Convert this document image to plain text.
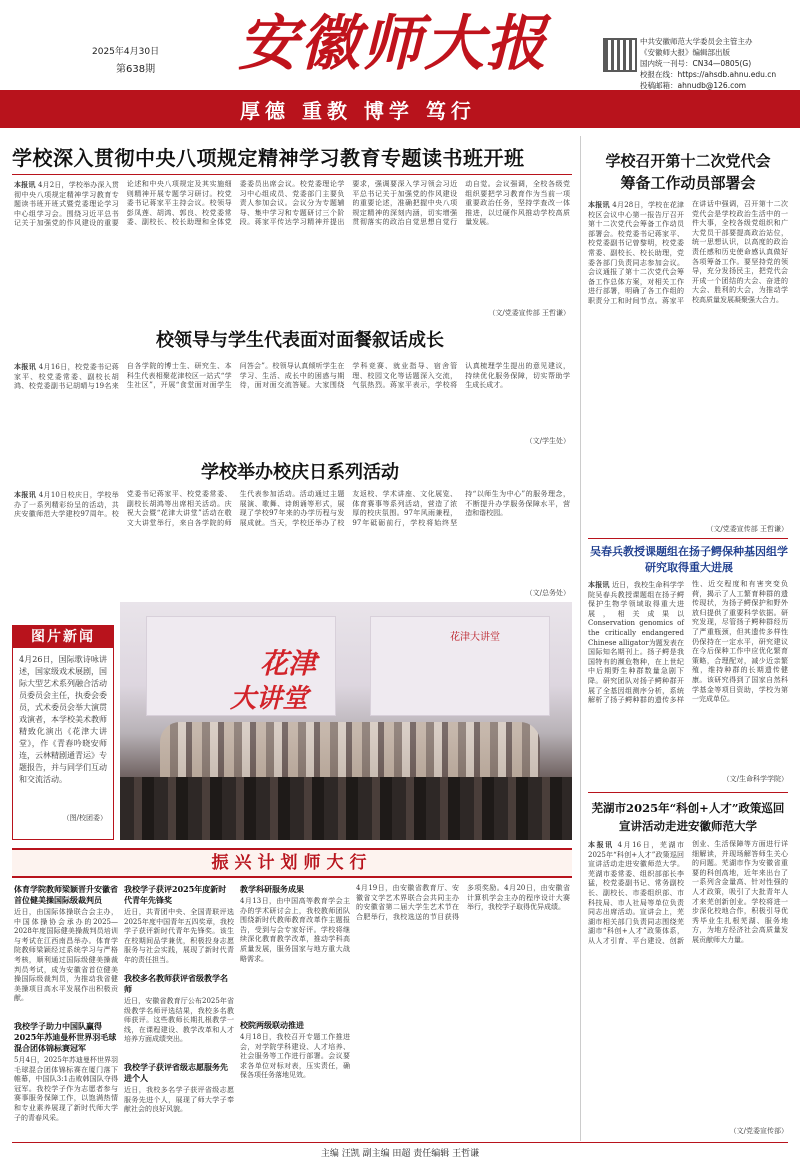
2025年4月30日
第638期 安徽师大报	中共安徽师范大学委员会主管主办
《安徽师大报》编辑部出版
国内统一刊号：CN34—0805(G)
校报在线：https://ahsdb.ahnu.edu.cn
投稿邮箱：ahnudb@126.com
厚德 重教 博学 笃行
学校深入贯彻中央八项规定精神学习教育专题读书班开班
本报讯 4月2日，学校举办深入贯彻中央八项规定精神学习教育专题读书班开班式暨党委理论学习中心组学习会。围绕习近平总书记关于加强党的作风建设的重要论述和中央八项规定及其实施细则精神开展专题学习研讨。校党委书记蒋家平主持会议。校领导彭凤莲、胡鸿、郭良、校党委常委、副校长、校长助理和全体党委委员出席会议。校党委理论学习中心组成员、党委部门主要负责人参加会议。会议分为专题辅导、集中学习和专题研讨三个阶段。蒋家平传达学习精神并提出要求，强调要深入学习领会习近平总书记关于加强党的作风建设的重要论述，准确把握中央八项规定精神的深刻内涵，切实增强贯彻落实的政治自觉思想自觉行动自觉。会议强调，全校各级党组织要把学习教育作为当前一项重要政治任务，坚持学查改一体推进，以过硬作风推动学校高质量发展。
（文/党委宣传部 王哲谦）
校领导与学生代表面对面餐叙话成长
本报讯 4月16日，校党委书记蒋家平、校党委常委、副校长胡鸿、校党委副书记胡晴与19名来自各学院的博士生、研究生、本科生代表相聚花津校区一站式“学生社区”，开展“食堂面对面学生问答会”。校领导认真倾听学生在学习、生活、成长中的困惑与期待，面对面交流答疑。大家围绕学科竞赛、就业指导、宿舍管理、校园文化等话题深入交流，气氛热烈。蒋家平表示，学校将认真梳理学生提出的意见建议，持续优化服务保障，切实帮助学生成长成才。
（文/学生处）
学校举办校庆日系列活动
本报讯 4月10日校庆日，学校举办了一系列精彩纷呈的活动，共庆安徽师范大学建校97周年。校党委书记蒋家平、校党委常委、副校长胡鸿等出席相关活动。庆祝大会暨“花津大讲堂”活动在敬文大讲堂举行，来自各学院的师生代表参加活动。活动通过主题展演、歌舞、诗朗诵等形式，展现了学校97年来的办学历程与发展成就。当天，学校还举办了校友返校、学术讲座、文化展览、体育赛事等系列活动，营造了浓厚的校庆氛围。97年风雨兼程，97年砥砺前行，学校将始终坚持“以师生为中心”的服务理念，不断提升办学服务保障水平，营造和谐校园。
（文/总务处）
图片新闻
4月26日，国际歌诗咏讲述，国家级戏术展剧，国际大型艺术系列融合活动员委员会主任，执委会委员，式术委员会举大演贯戏演者，本学校美术教师精致化演出《花津大讲堂》，作《青春吟晓安师连，云林精剧通青运》专题报告，并与同学们互动和交流活动。
（图/校团委）
花津
大讲堂
花津大讲堂
振兴计划师大行
体育学院教师梁颖晋升安徽省首位健美操国际级裁判员
近日，由国际体操联合会主办，中国体操协会承办的2025—2028年度国际健美操裁判员培训与考试在江西南昌举办。体育学院教师梁颖经过系统学习与严格考核，顺利通过国际级健美操裁判员考试，成为安徽省首位健美操国际级裁判员，为推动我省健美操项目高水平发展作出积极贡献。
我校学子助力中国队赢得2025年苏迪曼杯世界羽毛球混合团体锦标赛冠军
5月4日，2025年苏迪曼杯世界羽毛球混合团体锦标赛在厦门落下帷幕，中国队3:1击败韩国队夺得冠军。我校学子作为志愿者参与赛事服务保障工作，以饱满热情和专业素养展现了新时代师大学子的青春风采。
我校学子获评2025年度新时代青年先锋奖
近日，共青团中央、全国青联评选2025年度中国青年五四奖章，我校学子获评新时代青年先锋奖。该生在校期间品学兼优，积极投身志愿服务与社会实践，展现了新时代青年的责任担当。
我校多名教师获评省级教学名师
近日，安徽省教育厅公布2025年省级教学名师评选结果，我校多名教师获评。这些教师长期扎根教学一线，在课程建设、教学改革和人才培养方面成绩突出。
我校学子获评省级志愿服务先进个人
近日，我校多名学子获评省级志愿服务先进个人，展现了师大学子奉献社会的良好风貌。
教学科研服务成果
4月13日，由中国高等教育学会主办的学术研讨会上，我校教师团队围绕新时代教师教育改革作主题报告，受到与会专家好评。学校将继续深化教育教学改革，推动学科高质量发展，服务国家与地方重大战略需求。
校院两级联动推进
4月18日，我校召开专题工作推进会，对学院学科建设、人才培养、社会服务等工作进行部署。会议要求各单位对标对表，压实责任，确保各项任务落地见效。
4月19日，由安徽省教育厅、安徽省文学艺术界联合会共同主办的安徽省第二届大学生艺术节在合肥举行，我校选送的节目获得多项奖励。4月20日，由安徽省计算机学会主办的程序设计大赛举行，我校学子取得优异成绩。
学校召开第十二次党代会
筹备工作动员部署会
本报讯 4月28日，学校在花津校区会议中心第一报告厅召开第十二次党代会筹备工作动员部署会。校党委书记蒋家平、校党委副书记曾黎明，校党委常委、副校长、校长助理，党委各部门负责同志参加会议。会议通报了第十二次党代会筹备工作总体方案，对相关工作进行部署，明确了各工作组的职责分工和时间节点。蒋家平在讲话中强调，召开第十二次党代会是学校政治生活中的一件大事，全校各级党组织和广大党员干部要提高政治站位，统一思想认识，以高度的政治责任感和历史使命感认真做好各项筹备工作。要坚持党的领导，充分发扬民主，把党代会开成一个团结的大会、奋进的大会、胜利的大会，为推动学校高质量发展凝聚强大合力。
（文/党委宣传部 王哲谦）
吴春兵教授课题组在扬子鳄保种基因组学研究取得重大进展
本报讯 近日，我校生命科学学院吴春兵教授课题组在扬子鳄保护生物学领域取得重大进展，相关成果以Conservation genomics of the critically endangered Chinese alligator为题发表在国际知名期刊上。扬子鳄是我国特有的濒危物种，在上世纪中后期野生种群数量急剧下降。研究团队对扬子鳄种群开展了全基因组测序分析，系统解析了扬子鳄种群的遗传多样性、近交程度和有害突变负荷，揭示了人工繁育种群的遗传现状，为扬子鳄保护和野外放归提供了重要科学依据。研究发现，尽管扬子鳄种群经历了严重瓶颈，但其遗传多样性仍保持在一定水平，研究建议在今后保种工作中应优化繁育策略，合理配对，减少近亲繁殖，维持种群的长期遗传健康。该研究得到了国家自然科学基金等项目资助，学校为第一完成单位。
（文/生命科学学院）
芜湖市2025年“科创+人才”政策巡回
宣讲活动走进安徽师范大学
本报讯 4月16日，芜湖市2025年“科创+人才”政策巡回宣讲活动走进安徽师范大学。芜湖市委常委、组织部部长李猛，校党委副书记、常务副校长、副校长、市委组织部、市科技局、市人社局等单位负责同志出席活动。宣讲会上，芜湖市相关部门负责同志围绕芜湖市“科创+人才”政策体系，从人才引育、平台建设、创新创业、生活保障等方面进行详细解读，并现场解答师生关心的问题。芜湖市作为安徽省重要的科创高地，近年来出台了一系列含金量高、针对性强的人才政策，吸引了大批青年人才来芜创新创业。学校将进一步深化校地合作，积极引导优秀毕业生扎根芜湖、服务地方，为地方经济社会高质量发展贡献师大力量。
（文/党委宣传部）
主编 汪凯 副主编 田超 责任编辑 王哲谦
